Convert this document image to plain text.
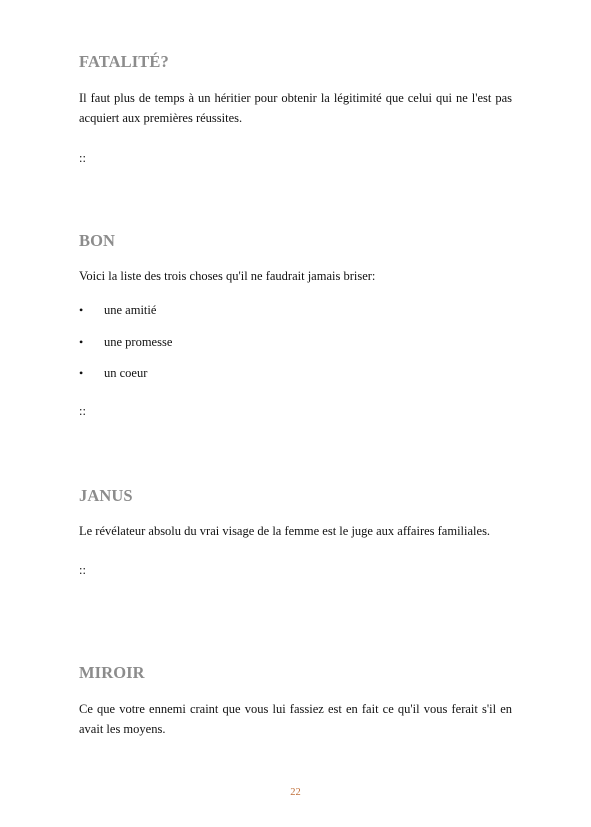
FATALITÉ?

Il faut plus de temps à un héritier pour obtenir la légitimité que celui qui ne l'est pas acquiert aux premières réussites.

::

BON

Voici la liste des trois choses qu'il ne faudrait jamais briser:

• une amitié
• une promesse
• un coeur

::

JANUS

Le révélateur absolu du vrai visage de la femme est le juge aux affaires familiales.

::

MIROIR

Ce que votre ennemi craint que vous lui fassiez est en fait ce qu'il vous ferait s'il en avait les moyens.

22
